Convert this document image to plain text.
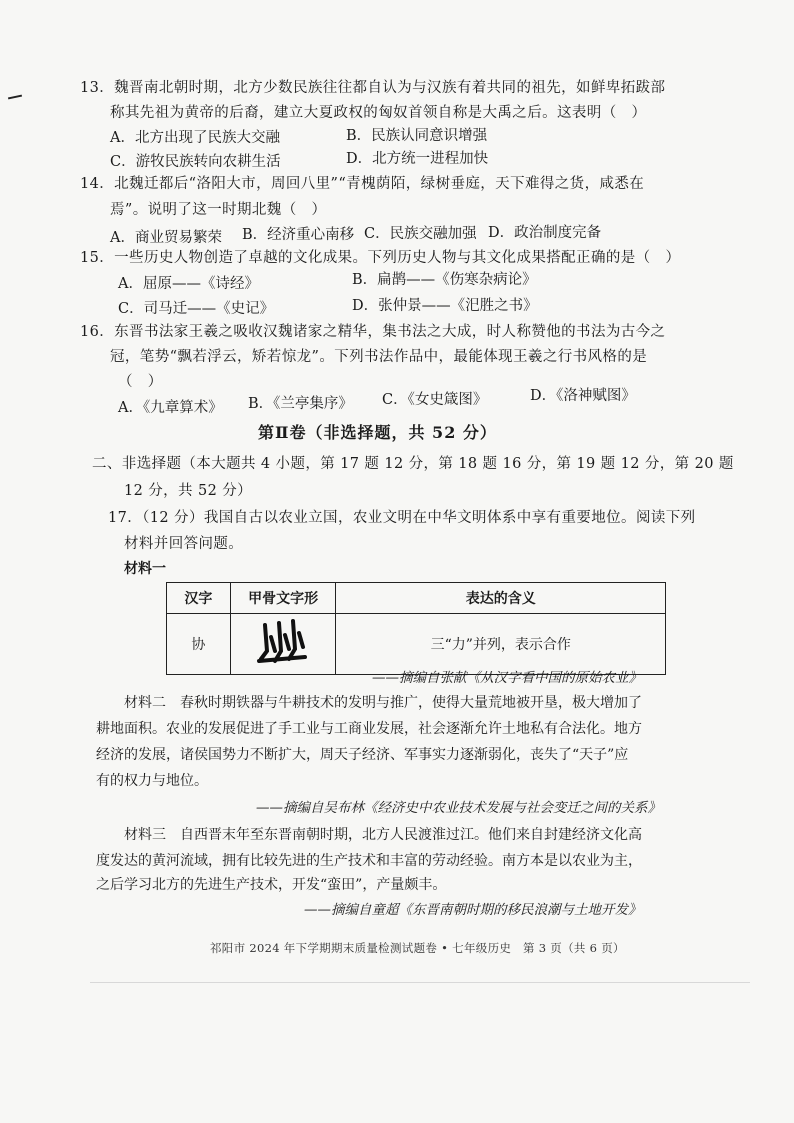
13．魏晋南北朝时期，北方少数民族往往都自认为与汉族有着共同的祖先，如鲜卑拓跋部
称其先祖为黄帝的后裔，建立大夏政权的匈奴首领自称是大禹之后。这表明（　）
A．北方出现了民族大交融	B．民族认同意识增强
C．游牧民族转向农耕生活	D．北方统一进程加快
14．北魏迁都后“洛阳大市，周回八里”“青槐荫陌，绿树垂庭，天下难得之货，咸悉在
焉”。说明了这一时期北魏（　）
A．商业贸易繁荣 B．经济重心南移 C．民族交融加强 D．政治制度完备
15．一些历史人物创造了卓越的文化成果。下列历史人物与其文化成果搭配正确的是（　）
A．屈原——《诗经》	B．扁鹊——《伤寒杂病论》
C．司马迁——《史记》	D．张仲景——《汜胜之书》
16．东晋书法家王羲之吸收汉魏诸家之精华，集书法之大成，时人称赞他的书法为古今之
冠，笔势“飘若浮云，矫若惊龙”。下列书法作品中，最能体现王羲之行书风格的是
（　）
A．《九章算术》 B．《兰亭集序》 C．《女史箴图》	D．《洛神赋图》
第Ⅱ卷（非选择题，共 52 分）
二、非选择题（本大题共 4 小题，第 17 题 12 分，第 18 题 16 分，第 19 题 12 分，第 20 题
12 分，共 52 分）
17．（12 分）我国自古以农业立国，农业文明在中华文明体系中享有重要地位。阅读下列
材料并回答问题。
材料一
汉字	甲骨文字形	表达的含义
协		三“力”并列，表示合作
——摘编自张献《从汉字看中国的原始农业》
材料二　春秋时期铁器与牛耕技术的发明与推广，使得大量荒地被开垦，极大增加了
耕地面积。农业的发展促进了手工业与工商业发展，社会逐渐允许土地私有合法化。地方
经济的发展，诸侯国势力不断扩大，周天子经济、军事实力逐渐弱化，丧失了“天子”应
有的权力与地位。
——摘编自吴布林《经济史中农业技术发展与社会变迁之间的关系》
材料三　自西晋末年至东晋南朝时期，北方人民渡淮过江。他们来自封建经济文化高
度发达的黄河流域，拥有比较先进的生产技术和丰富的劳动经验。南方本是以农业为主，
之后学习北方的先进生产技术，开发“蛮田”，产量颇丰。
——摘编自童超《东晋南朝时期的移民浪潮与土地开发》
祁阳市 2024 年下学期期末质量检测试题卷 • 七年级历史　第 3 页（共 6 页）
